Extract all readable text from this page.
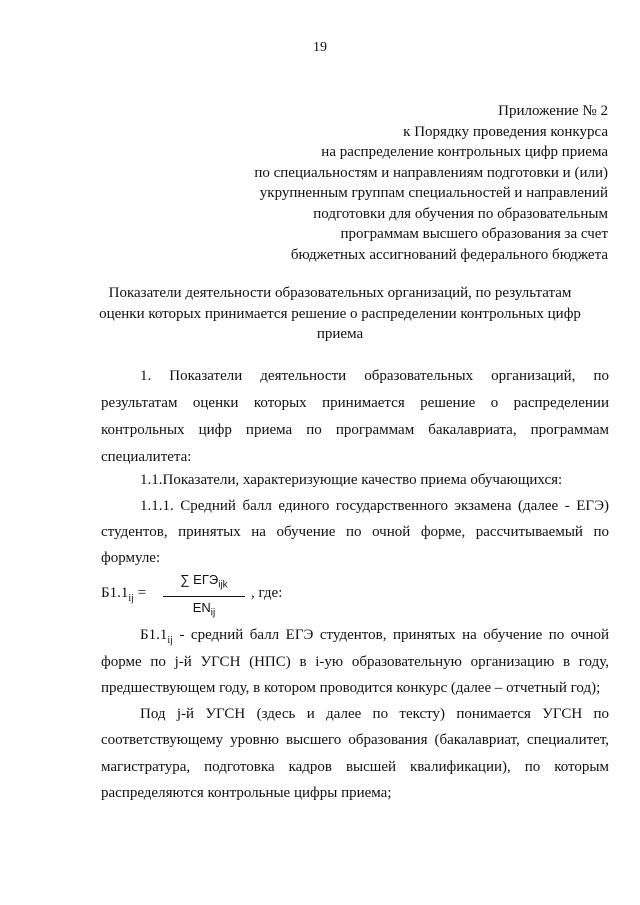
19
Приложение № 2
к Порядку проведения конкурса
на распределение контрольных цифр приема
по специальностям и направлениям подготовки и (или)
укрупненным группам специальностей и направлений
подготовки для обучения по образовательным
программам высшего образования за счет
бюджетных ассигнований федерального бюджета
Показатели деятельности образовательных организаций, по результатам
оценки которых принимается решение о распределении контрольных цифр
приема
1. Показатели деятельности образовательных организаций, по
результатам оценки которых принимается решение о распределении
контрольных цифр приема по программам бакалавриата, программам
специалитета:
1.1.Показатели, характеризующие качество приема обучающихся:
1.1.1. Средний балл единого государственного экзамена (далее - ЕГЭ)
студентов, принятых на обучение по очной форме, рассчитываемый по
формуле:
$Б1.1_{ij}$ =
∑ $ЕГЭ_{ijk}$
$EN_{ij}$
, где:
$Б1.1_{ij}$ - средний балл ЕГЭ студентов, принятых на обучение по очной
форме по j-й УГСН (НПС) в i-ую образовательную организацию в году,
предшествующем году, в котором проводится конкурс (далее – отчетный год);
Под j-й УГСН (здесь и далее по тексту) понимается УГСН по
соответствующему уровню высшего образования (бакалавриат, специалитет,
магистратура, подготовка кадров высшей квалификации), по которым
распределяются контрольные цифры приема;
